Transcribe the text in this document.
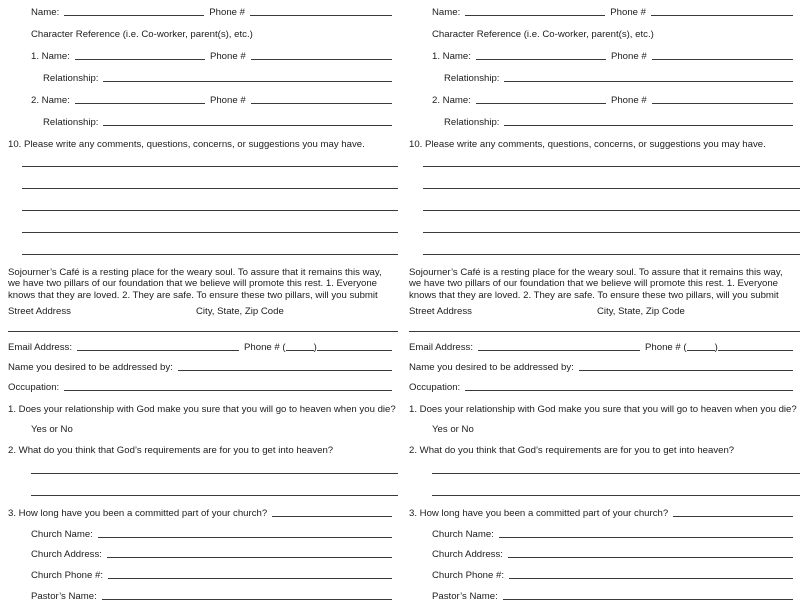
Name:	Phone #
Character Reference (i.e. Co-worker, parent(s), etc.)
1. Name:	Phone #
Relationship:
2. Name:	Phone #
Relationship:
10. Please write any comments, questions, concerns, or suggestions you may have.
Sojourner’s Café is a resting place for the weary soul. To assure that it remains this way, we have two pillars of our foundation that we believe will promote this rest. 1. Everyone knows that they are loved. 2. They are safe. To ensure these two pillars, will you submit
Street Address	City, State, Zip Code
Email Address:	Phone # (	)
Name you desired to be addressed by:
Occupation:
1. Does your relationship with God make you sure that you will go to heaven when you die?
Yes or No
2. What do you think that God’s requirements are for you to get into heaven?
3. How long have you been a committed part of your church?
Church Name:
Church Address:
Church Phone #:
Pastor’s Name:
Name:	Phone #
Character Reference (i.e. Co-worker, parent(s), etc.)
1. Name:	Phone #
Relationship:
2. Name:	Phone #
Relationship:
10. Please write any comments, questions, concerns, or suggestions you may have.
Sojourner’s Café is a resting place for the weary soul. To assure that it remains this way, we have two pillars of our foundation that we believe will promote this rest. 1. Everyone knows that they are loved. 2. They are safe. To ensure these two pillars, will you submit
Street Address	City, State, Zip Code
Email Address:	Phone # (	)
Name you desired to be addressed by:
Occupation:
1. Does your relationship with God make you sure that you will go to heaven when you die?
Yes or No
2. What do you think that God’s requirements are for you to get into heaven?
3. How long have you been a committed part of your church?
Church Name:
Church Address:
Church Phone #:
Pastor’s Name:
